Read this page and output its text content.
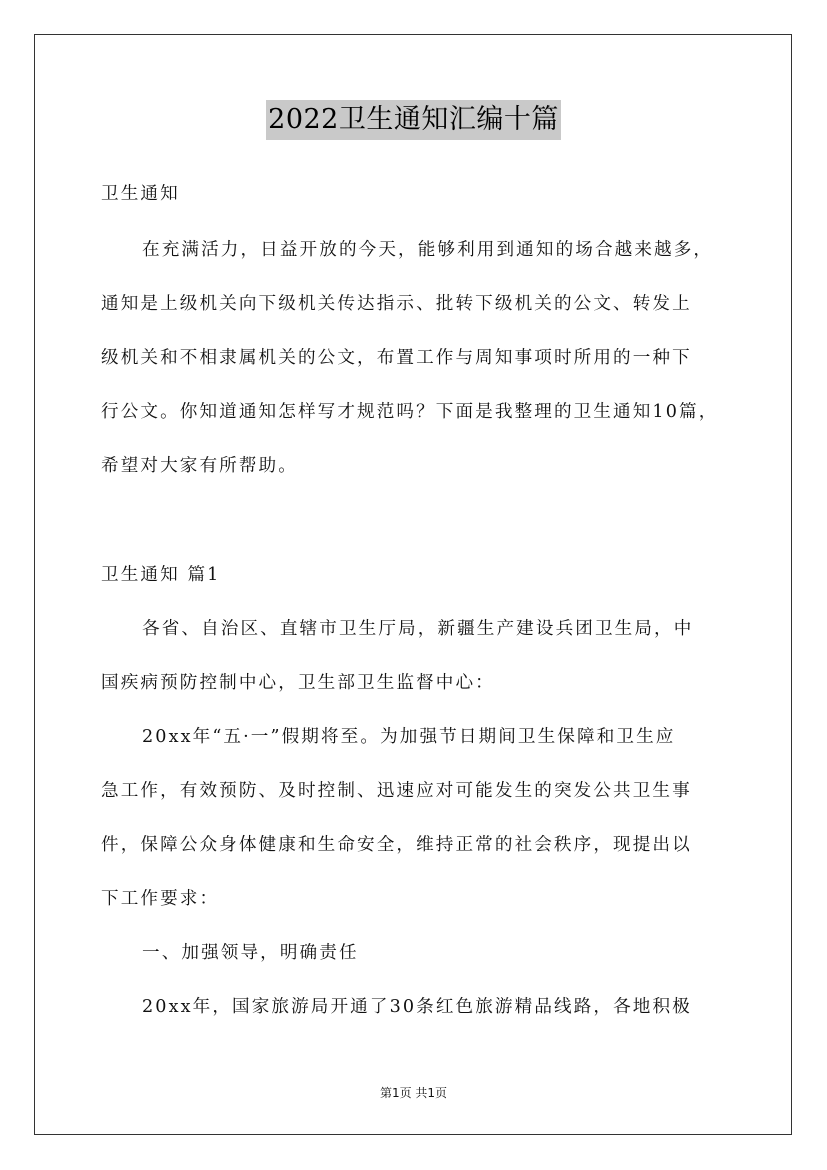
2022卫生通知汇编十篇
卫生通知
在充满活力，日益开放的今天，能够利用到通知的场合越来越多，
通知是上级机关向下级机关传达指示、批转下级机关的公文、转发上
级机关和不相隶属机关的公文，布置工作与周知事项时所用的一种下
行公文。你知道通知怎样写才规范吗？下面是我整理的卫生通知10篇，
希望对大家有所帮助。
卫生通知 篇1
各省、自治区、直辖市卫生厅局，新疆生产建设兵团卫生局，中
国疾病预防控制中心，卫生部卫生监督中心：
20xx年“五·一”假期将至。为加强节日期间卫生保障和卫生应
急工作，有效预防、及时控制、迅速应对可能发生的突发公共卫生事
件，保障公众身体健康和生命安全，维持正常的社会秩序，现提出以
下工作要求：
一、加强领导，明确责任
20xx年，国家旅游局开通了30条红色旅游精品线路，各地积极
第1页 共1页
